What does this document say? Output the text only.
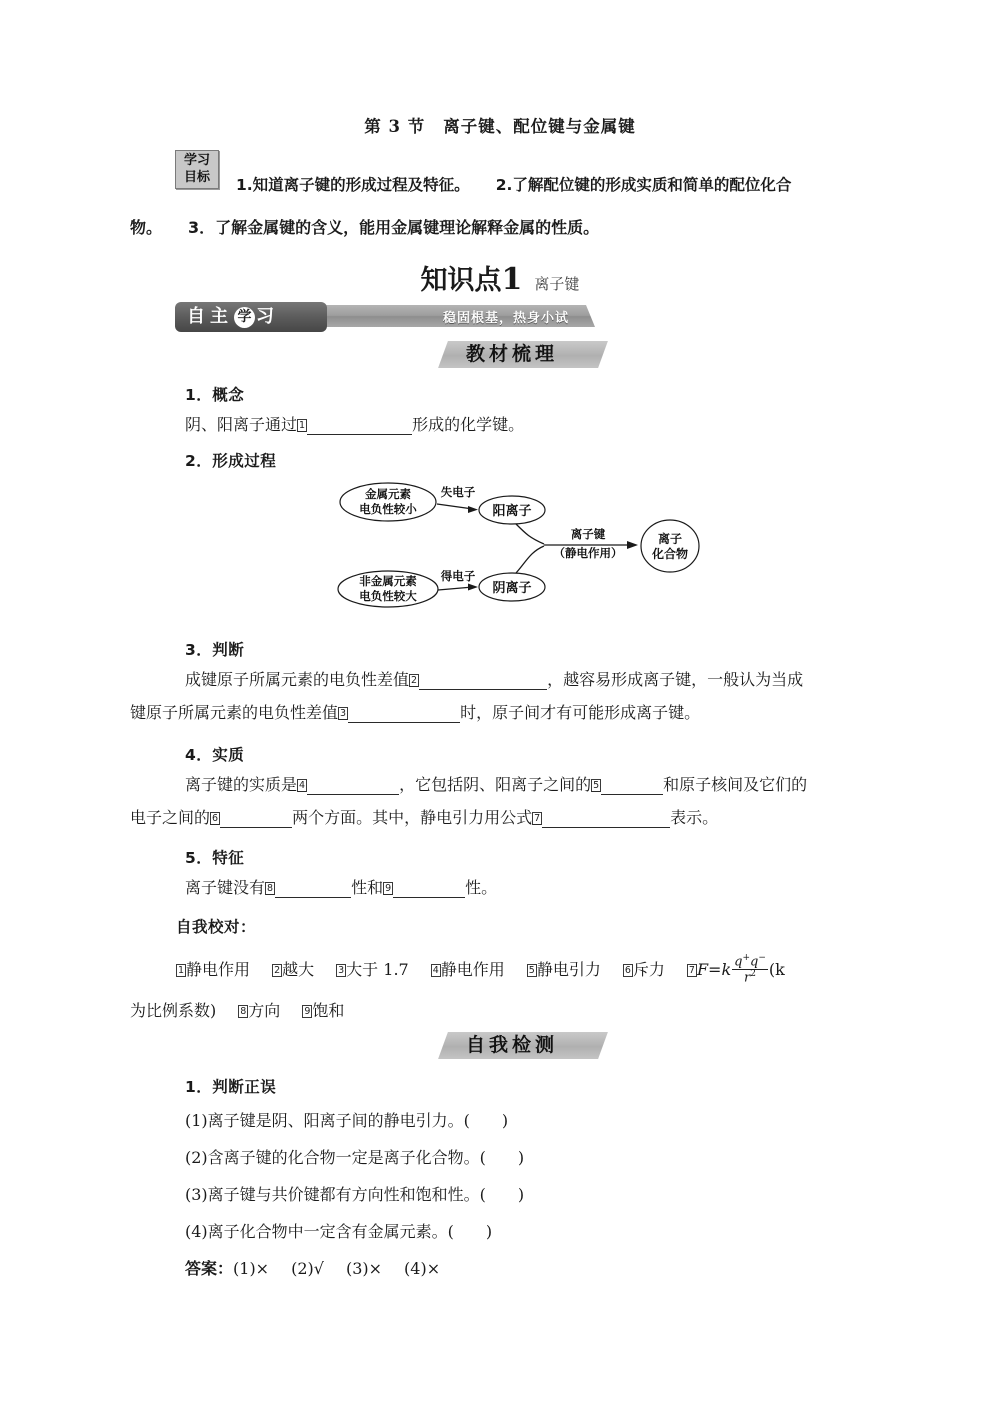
第 3 节 离子键、配位键与金属键
学习
目标	1.知道离子键的形成过程及特征。 2.了解配位键的形成实质和简单的配位化合
物。 3．了解金属键的含义，能用金属键理论解释金属的性质。
知识点1 离子键
自主 学 习	稳固根基，热身小试
教材梳理
1．概念
阴、阳离子通过 1	形成的化学键。
2．形成过程
金属元素
电负性较小
非金属元素
电负性较大
阳离子
阴离子
离子
化合物
失电子
得电子
离子键
（静电作用）
3．判断
成键原子所属元素的电负性差值 2	，越容易形成离子键，一般认为当成
键原子所属元素的电负性差值 3	时，原子间才有可能形成离子键。
4．实质
离子键的实质是 4	，它包括阴、阳离子之间的 5	和原子核间及它们的
电子之间的 6	两个方面。其中，静电引力用公式 7	表示。
5．特征
离子键没有 8	性和 9	性。
自我校对：
1 静电作用	2 越大	3 大于 1.7	4 静电作用	5 静电引力	6 斥力	7 $F=k \frac{q^+q^-}{r^2} (k$
为比例系数)	8 方向	9 饱和
自我检测
1．判断正误
(1)离子键是阴、阳离子间的静电引力。(　　)
(2)含离子键的化合物一定是离子化合物。(　　)
(3)离子键与共价键都有方向性和饱和性。(　　)
(4)离子化合物中一定含有金属元素。(　　)
答案：(1)× (2)√ (3)× (4)×
